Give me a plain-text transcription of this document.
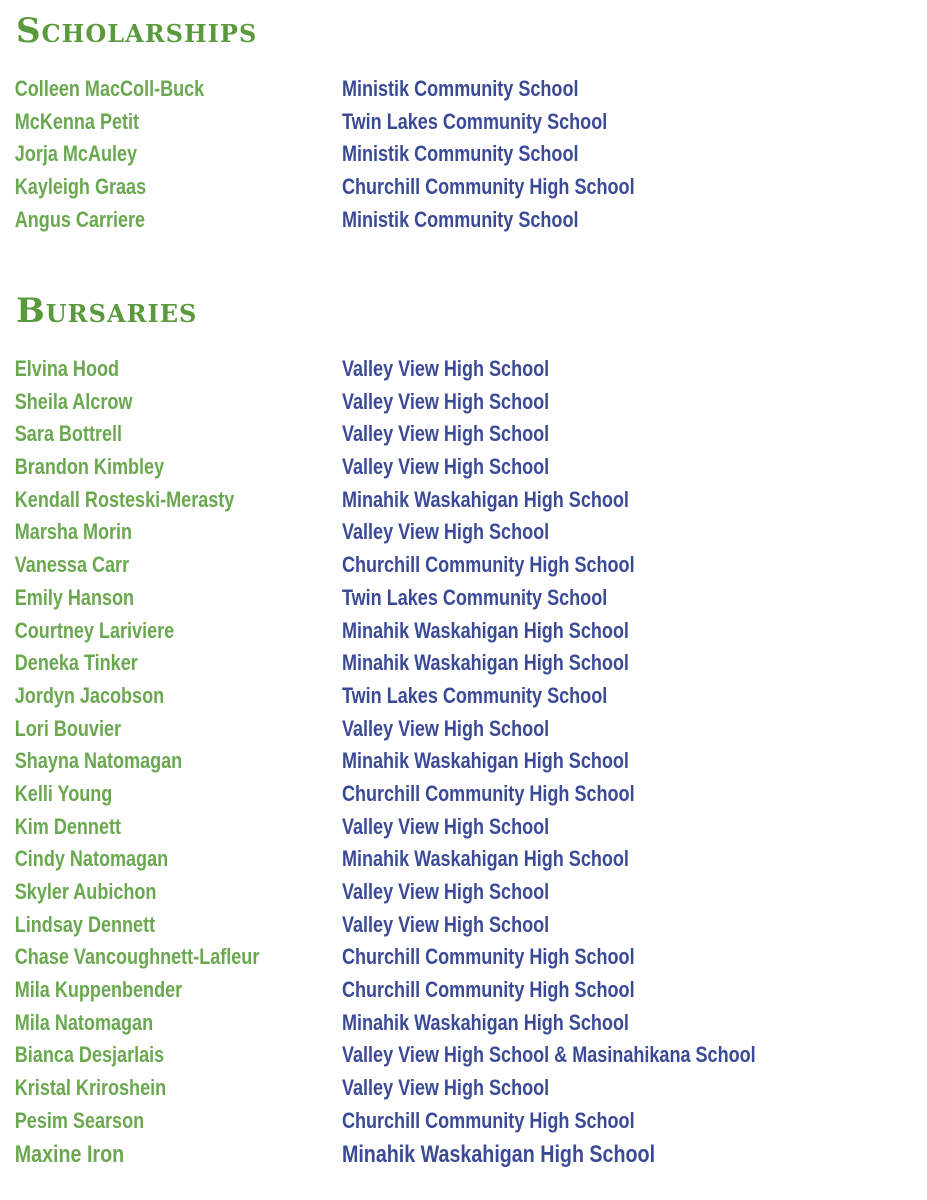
Scholarships
Colleen MacColl-Buck	Ministik Community School
McKenna Petit	Twin Lakes Community School
Jorja McAuley	Ministik Community School
Kayleigh Graas	Churchill Community High School
Angus Carriere	Ministik Community School
Bursaries
Elvina Hood	Valley View High School
Sheila Alcrow	Valley View High School
Sara Bottrell	Valley View High School
Brandon Kimbley	Valley View High School
Kendall Rosteski-Merasty	Minahik Waskahigan High School
Marsha Morin	Valley View High School
Vanessa Carr	Churchill Community High School
Emily Hanson	Twin Lakes Community School
Courtney Lariviere	Minahik Waskahigan High School
Deneka Tinker	Minahik Waskahigan High School
Jordyn Jacobson	Twin Lakes Community School
Lori Bouvier	Valley View High School
Shayna Natomagan	Minahik Waskahigan High School
Kelli Young	Churchill Community High School
Kim Dennett	Valley View High School
Cindy Natomagan	Minahik Waskahigan High School
Skyler Aubichon	Valley View High School
Lindsay Dennett	Valley View High School
Chase Vancoughnett-Lafleur	Churchill Community High School
Mila Kuppenbender	Churchill Community High School
Mila Natomagan	Minahik Waskahigan High School
Bianca Desjarlais	Valley View High School & Masinahikana School
Kristal Kriroshein	Valley View High School
Pesim Searson	Churchill Community High School
Maxine Iron	Minahik Waskahigan High School
